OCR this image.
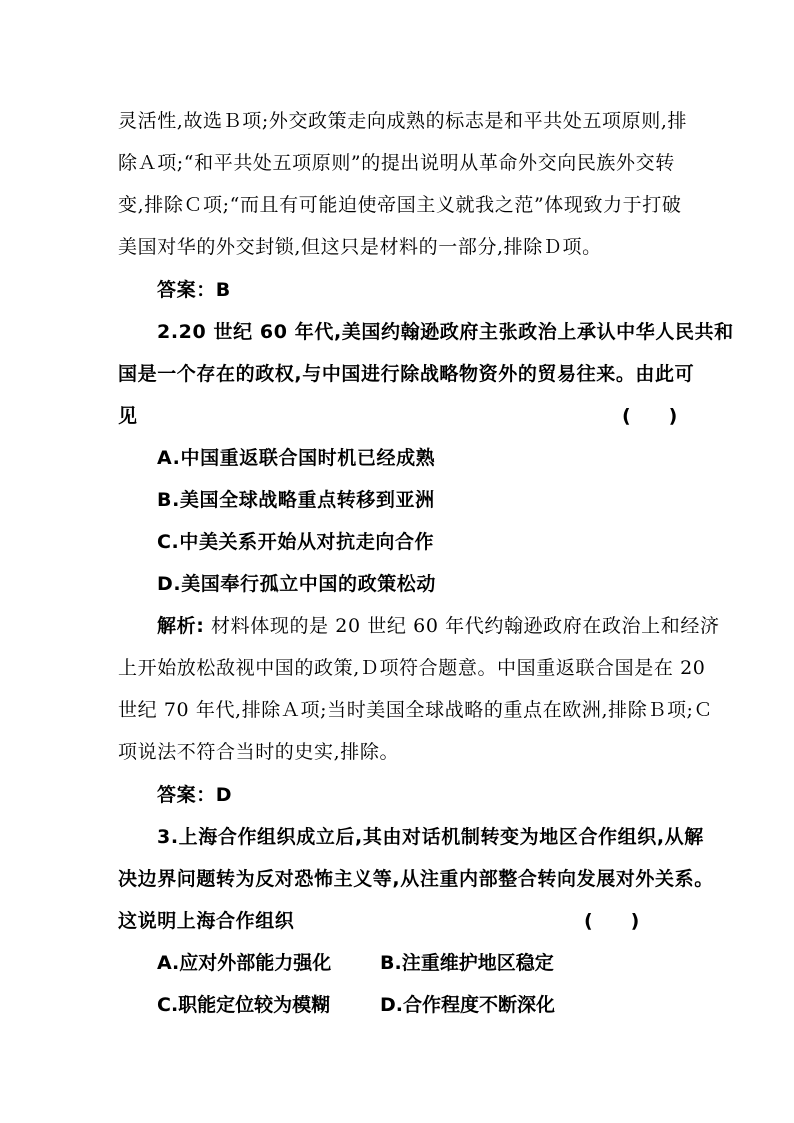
灵活性,故选Ｂ项;外交政策走向成熟的标志是和平共处五项原则,排
除Ａ项;“和平共处五项原则”的提出说明从革命外交向民族外交转
变,排除Ｃ项;“而且有可能迫使帝国主义就我之范”体现致力于打破
美国对华的外交封锁,但这只是材料的一部分,排除Ｄ项。
答案：B
2.20 世纪 60 年代,美国约翰逊政府主张政治上承认中华人民共和
国是一个存在的政权,与中国进行除战略物资外的贸易往来。由此可
见	(　　)
A.中国重返联合国时机已经成熟
B.美国全球战略重点转移到亚洲
C.中美关系开始从对抗走向合作
D.美国奉行孤立中国的政策松动
解析: 材料体现的是 20 世纪 60 年代约翰逊政府在政治上和经济
上开始放松敌视中国的政策,Ｄ项符合题意。中国重返联合国是在 20
世纪 70 年代,排除Ａ项;当时美国全球战略的重点在欧洲,排除Ｂ项;Ｃ
项说法不符合当时的史实,排除。
答案：D
3.上海合作组织成立后,其由对话机制转变为地区合作组织,从解
决边界问题转为反对恐怖主义等,从注重内部整合转向发展对外关系。
这说明上海合作组织	(　　)
A.应对外部能力强化	B.注重维护地区稳定
C.职能定位较为模糊	D.合作程度不断深化
